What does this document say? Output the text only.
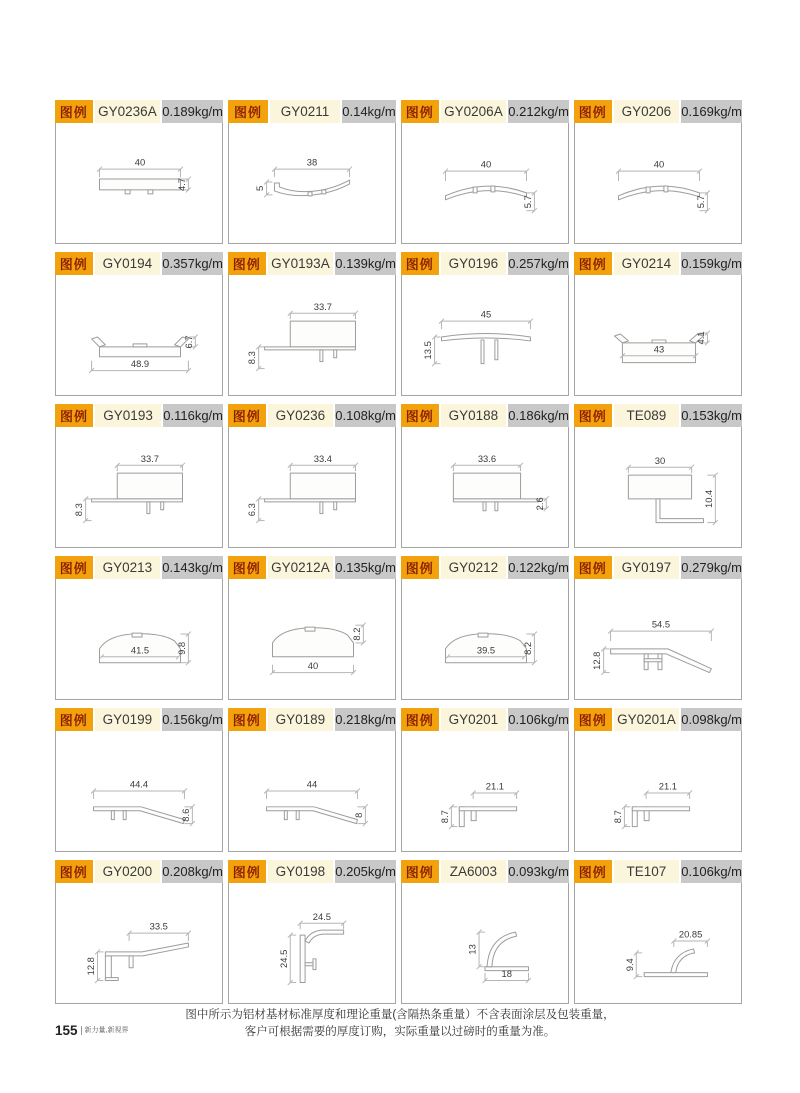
图例 GY0236A 0.189kg/m
40
4.7
图例	GY0211 0.14kg/m
38
5
图例 GY0206A 0.212kg/m
40
5.7
图例	GY0206 0.169kg/m
40
5.7
图例	GY0194 0.357kg/m
6.7
48.9
图例 GY0193A 0.139kg/m
33.7
8.3
图例	GY0196 0.257kg/m
45
13.5
图例	GY0214 0.159kg/m
4.1
43
图例	GY0193 0.116kg/m
33.7
8.3
图例	GY0236 0.108kg/m
33.4
6.3
图例	GY0188 0.186kg/m
33.6
2.6
图例	TE089	0.153kg/m
30
10.4
图例	GY0213 0.143kg/m
41.5	9.8
图例 GY0212A 0.135kg/m
8.2
40
图例	GY0212 0.122kg/m
39.5	8.2
图例	GY0197 0.279kg/m
54.5
12.8
图例	GY0199 0.156kg/m
44.4
8.6
图例	GY0189 0.218kg/m
44
8
图例	GY0201 0.106kg/m
21.1
8.7
图例 GY0201A 0.098kg/m
21.1
8.7
图例	GY0200 0.208kg/m
33.5
12.8
图例	GY0198 0.205kg/m
24.5
24.5
图例	ZA6003 0.093kg/m
13
18
图例	TE107	0.106kg/m
20.85
9.4
图中所示为铝材基材标准厚度和理论重量(含隔热条重量）不含表面涂层及包装重量，
客户可根据需要的厚度订购，实际重量以过磅时的重量为准。
155	新力量,新视界
